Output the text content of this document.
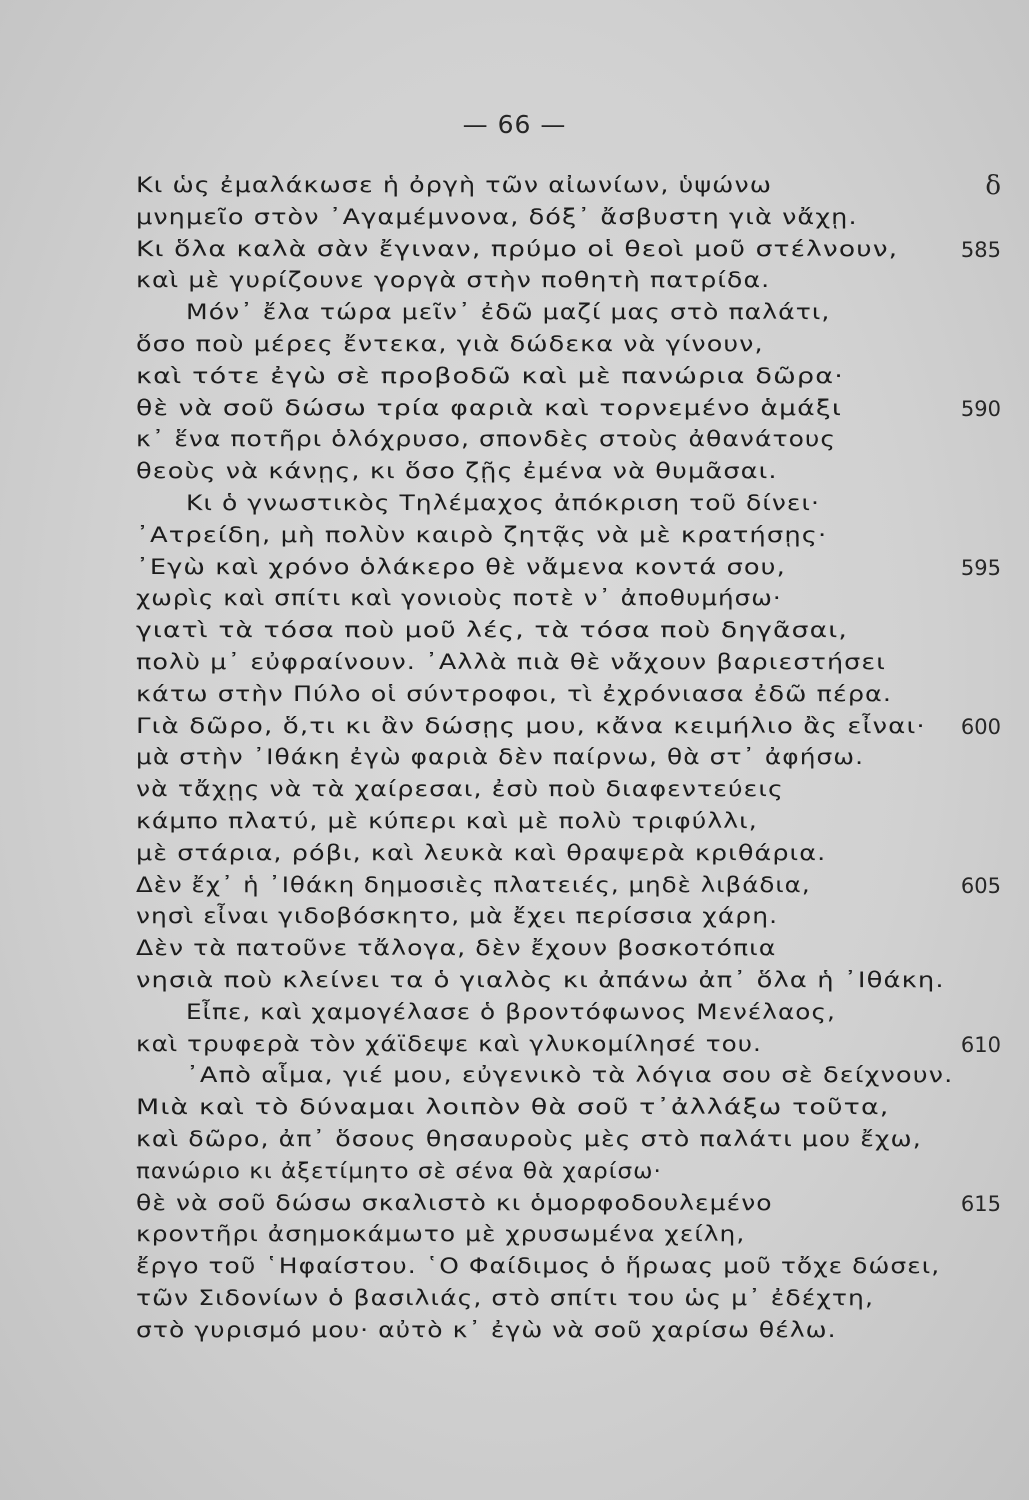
— 66 —
Κι ὡς ἐμαλάκωσε ἡ ὀργὴ τῶν αἰωνίων, ὑψώνω	δ
μνημεῖο στὸν ᾿Αγαμέμνονα, δόξ᾿ ἄσβυστη γιὰ νἄχῃ.
Κι ὅλα καλὰ σὰν ἔγιναν, πρύμο οἱ θεοὶ μοῦ στέλνουν,	585
καὶ μὲ γυρίζουνε γοργὰ στὴν ποθητὴ πατρίδα.
Μόν᾿ ἔλα τώρα μεῖν᾿ ἐδῶ μαζί μας στὸ παλάτι,
ὅσο ποὺ μέρες ἔντεκα, γιὰ δώδεκα νὰ γίνουν,
καὶ τότε ἐγὼ σὲ προβοδῶ καὶ μὲ πανώρια δῶρα·
θὲ νὰ σοῦ δώσω τρία φαριὰ καὶ τορνεμένο ἁμάξι	590
κ᾿ ἕνα ποτῆρι ὁλόχρυσο, σπονδὲς στοὺς ἀθανάτους
θεοὺς νὰ κάνῃς, κι ὅσο ζῇς ἐμένα νὰ θυμᾶσαι.
Κι ὁ γνωστικὸς Τηλέμαχος ἀπόκριση τοῦ δίνει·
᾿Ατρείδη, μὴ πολὺν καιρὸ ζητᾷς νὰ μὲ κρατήσῃς·
᾿Εγὼ καὶ χρόνο ὁλάκερο θὲ νἄμενα κοντά σου,	595
χωρὶς καὶ σπίτι καὶ γονιοὺς ποτὲ ν᾿ ἀποθυμήσω·
γιατὶ τὰ τόσα ποὺ μοῦ λές, τὰ τόσα ποὺ δηγᾶσαι,
πολὺ μ᾿ εὐφραίνουν. ᾿Αλλὰ πιὰ θὲ νἄχουν βαριεστήσει
κάτω στὴν Πύλο οἱ σύντροφοι, τὶ ἐχρόνιασα ἐδῶ πέρα.
Γιὰ δῶρο, ὅ,τι κι ἂν δώσῃς μου, κἄνα κειμήλιο ἂς εἶναι· 600
μὰ στὴν ᾿Ιθάκη ἐγὼ φαριὰ δὲν παίρνω, θὰ στ᾿ ἀφήσω.
νὰ τἄχῃς νὰ τὰ χαίρεσαι, ἐσὺ ποὺ διαφεντεύεις
κάμπο πλατύ, μὲ κύπερι καὶ μὲ πολὺ τριφύλλι,
μὲ στάρια, ρόβι, καὶ λευκὰ καὶ θραψερὰ κριθάρια.
Δὲν ἔχ᾿ ἡ ᾿Ιθάκη δημοσιὲς πλατειές, μηδὲ λιβάδια,	605
νησὶ εἶναι γιδοβόσκητο, μὰ ἔχει περίσσια χάρη.
Δὲν τὰ πατοῦνε τἄλογα, δὲν ἔχουν βοσκοτόπια
νησιὰ ποὺ κλείνει τα ὁ γιαλὸς κι ἀπάνω ἀπ᾿ ὅλα ἡ ᾿Ιθάκη.
Εἶπε, καὶ χαμογέλασε ὁ βροντόφωνος Μενέλαος,
καὶ τρυφερὰ τὸν χάϊδεψε καὶ γλυκομίλησέ του.	610
᾿Απὸ αἷμα, γιέ μου, εὐγενικὸ τὰ λόγια σου σὲ δείχνουν.
Μιὰ καὶ τὸ δύναμαι λοιπὸν θὰ σοῦ τ᾿ἀλλάξω τοῦτα,
καὶ δῶρο, ἀπ᾿ ὅσους θησαυροὺς μὲς στὸ παλάτι μου ἔχω,
πανώριο κι ἀξετίμητο σὲ σένα θὰ χαρίσω·
θὲ νὰ σοῦ δώσω σκαλιστὸ κι ὁμορφοδουλεμένο	615
κροντῆρι ἀσημοκάμωτο μὲ χρυσωμένα χείλη,
ἔργο τοῦ ῾Ηφαίστου. ῾Ο Φαίδιμος ὁ ἥρωας μοῦ τὄχε δώσει,
τῶν Σιδονίων ὁ βασιλιάς, στὸ σπίτι του ὡς μ᾿ ἐδέχτη,
στὸ γυρισμό μου· αὐτὸ κ᾿ ἐγὼ νὰ σοῦ χαρίσω θέλω.
